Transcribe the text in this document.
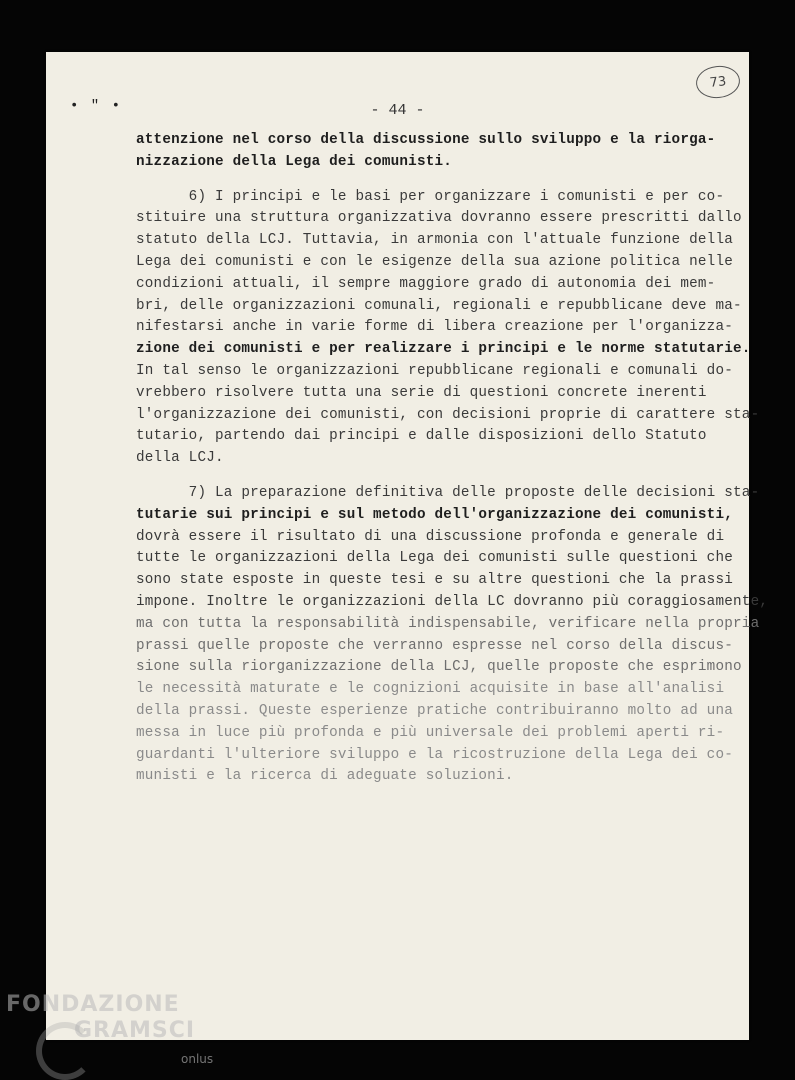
• " •	- 44 -
73
attenzione nel corso della discussione sullo sviluppo e la riorga-
nizzazione della Lega dei comunisti.
6) I principi e le basi per organizzare i comunisti e per co-
stituire una struttura organizzativa dovranno essere prescritti dallo
statuto della LCJ. Tuttavia, in armonia con l'attuale funzione della
Lega dei comunisti e con le esigenze della sua azione politica nelle
condizioni attuali, il sempre maggiore grado di autonomia dei mem-
bri, delle organizzazioni comunali, regionali e repubblicane deve ma-
nifestarsi anche in varie forme di libera creazione per l'organizza-
zione dei comunisti e per realizzare i principi e le norme statutarie.
In tal senso le organizzazioni repubblicane regionali e comunali do-
vrebbero risolvere tutta una serie di questioni concrete inerenti
l'organizzazione dei comunisti, con decisioni proprie di carattere sta-
tutario, partendo dai principi e dalle disposizioni dello Statuto
della LCJ.
7) La preparazione definitiva delle proposte delle decisioni sta-
tutarie sui principi e sul metodo dell'organizzazione dei comunisti,
dovrà essere il risultato di una discussione profonda e generale di
tutte le organizzazioni della Lega dei comunisti sulle questioni che
sono state esposte in queste tesi e su altre questioni che la prassi
impone. Inoltre le organizzazioni della LC dovranno più coraggiosamente,
ma con tutta la responsabilità indispensabile, verificare nella propria
prassi quelle proposte che verranno espresse nel corso della discus-
sione sulla riorganizzazione della LCJ, quelle proposte che esprimono
le necessità maturate e le cognizioni acquisite in base all'analisi
della prassi. Queste esperienze pratiche contribuiranno molto ad una
messa in luce più profonda e più universale dei problemi aperti ri-
guardanti l'ulteriore sviluppo e la ricostruzione della Lega dei co-
munisti e la ricerca di adeguate soluzioni.
FONDAZIONE
GRAMSCI
onlus
